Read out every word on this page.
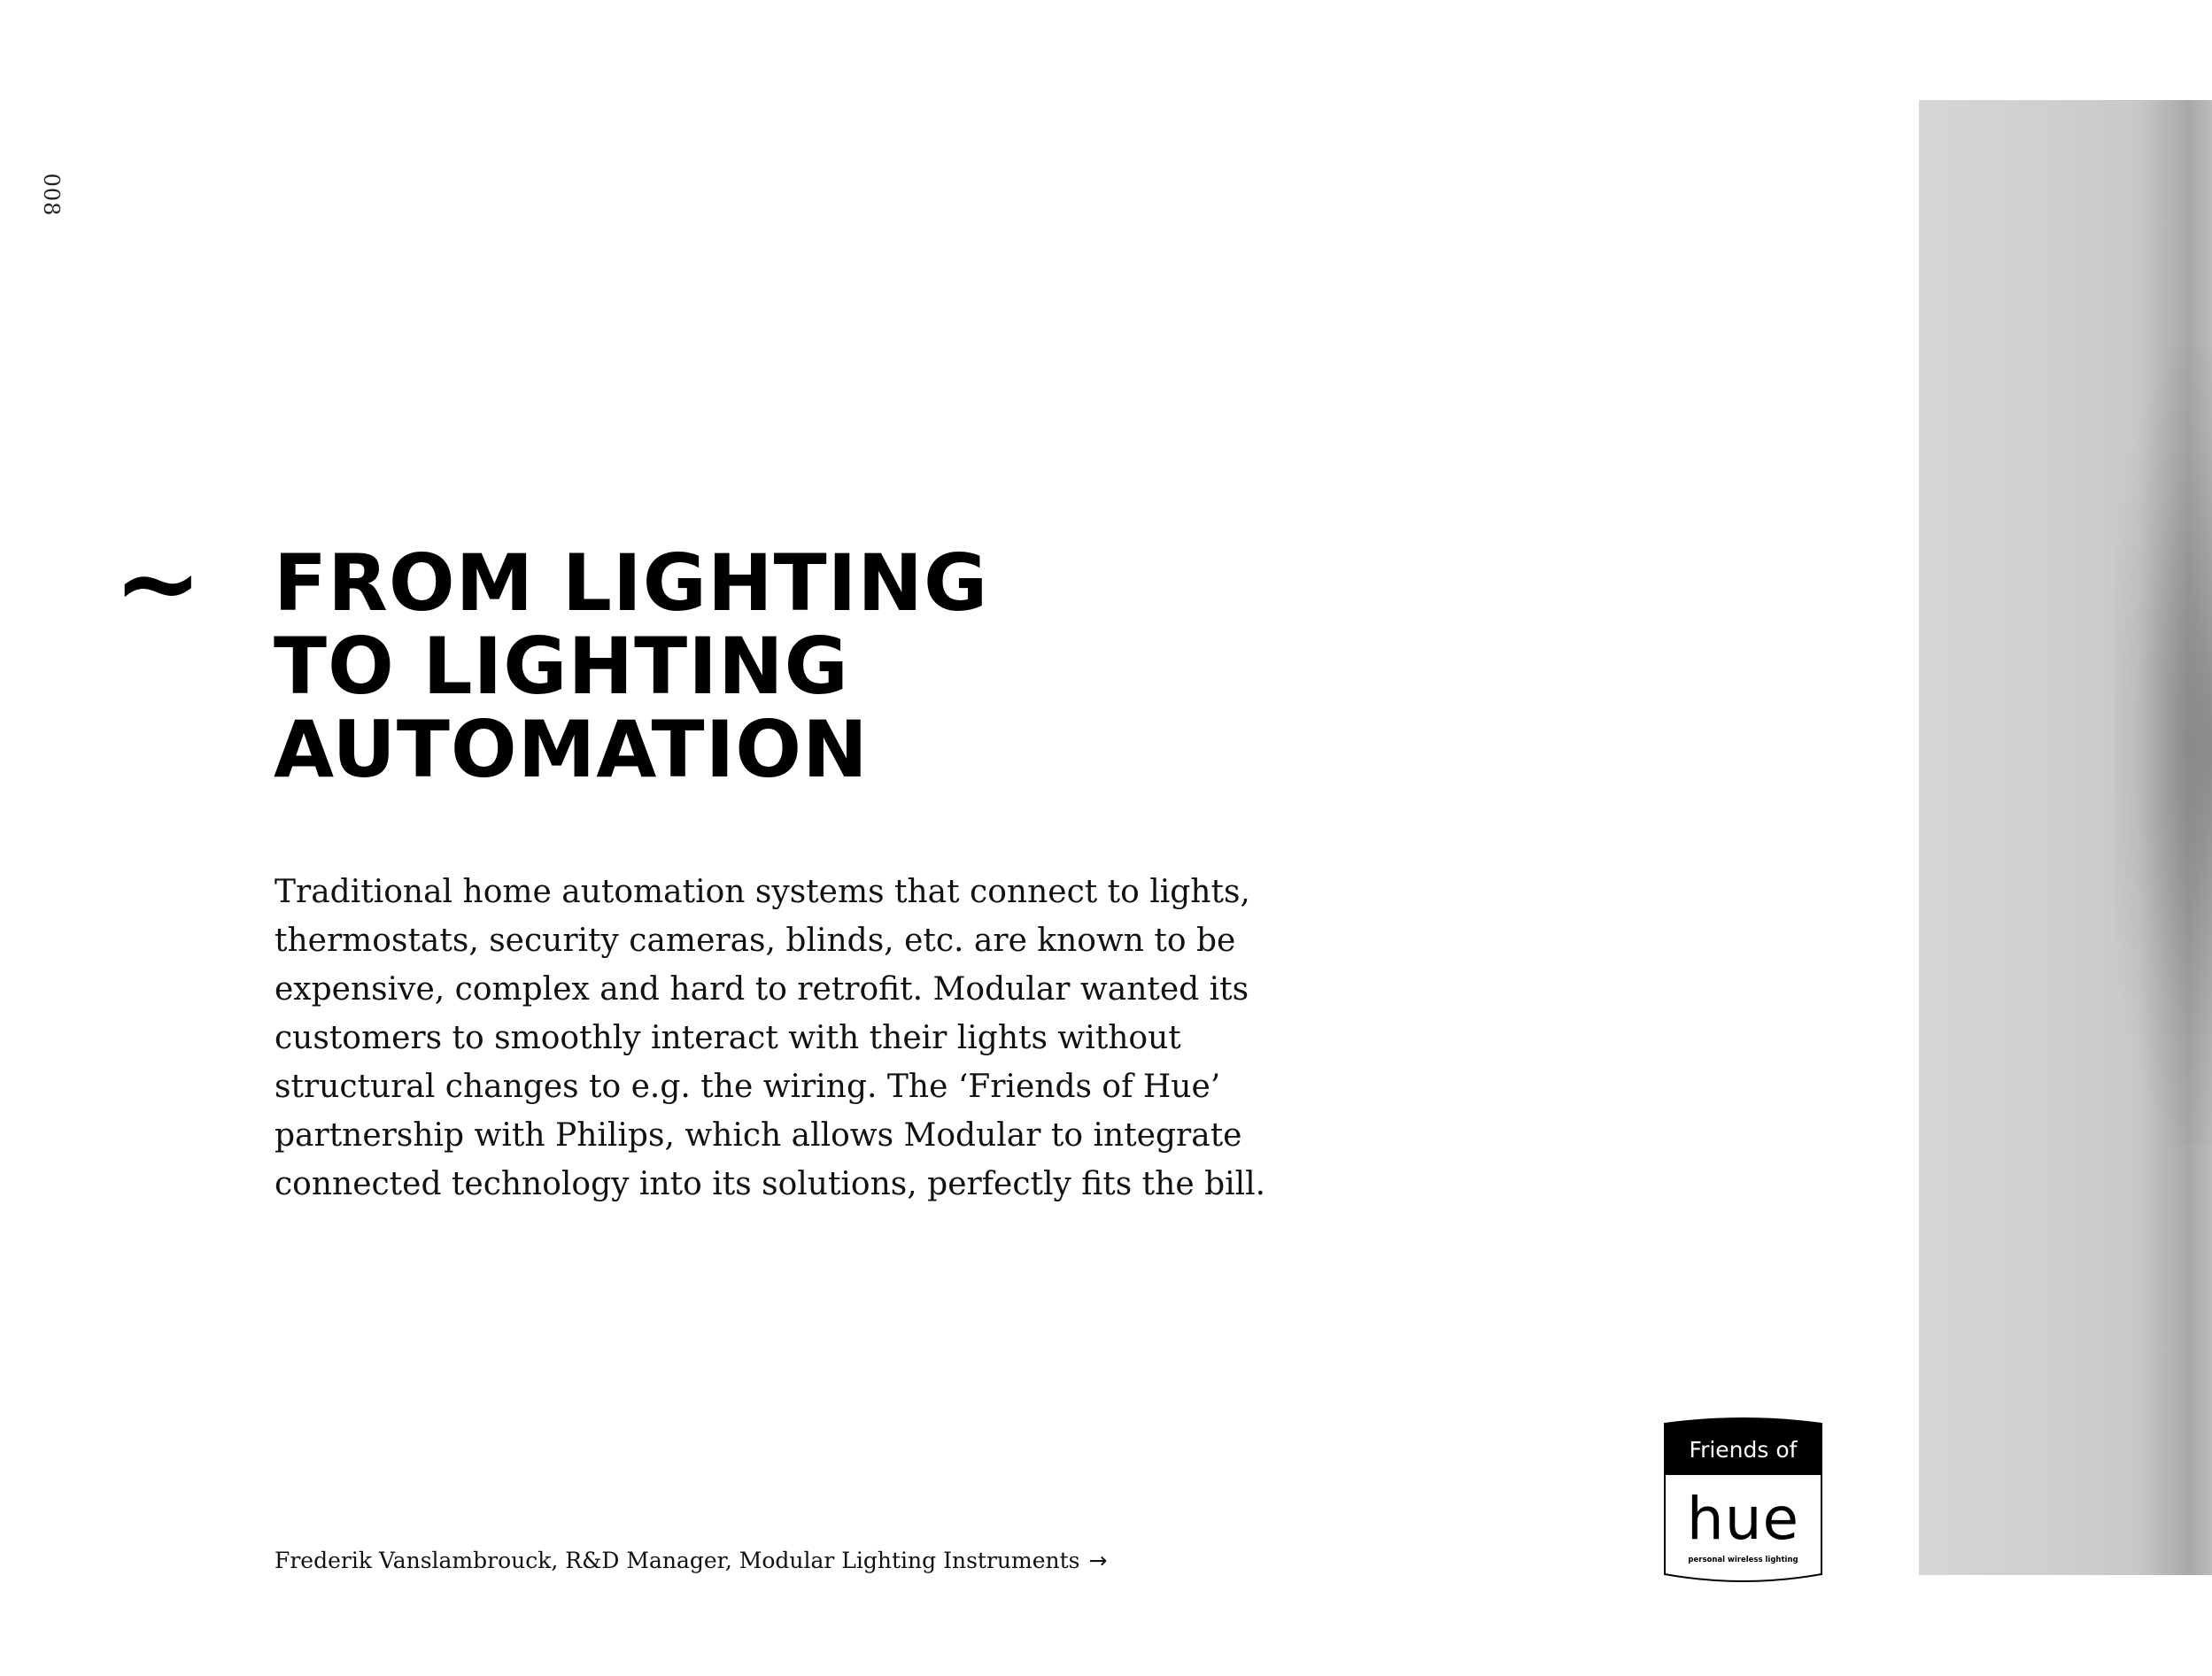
008
~ FROM LIGHTING
TO LIGHTING
AUTOMATION

Traditional home automation systems that connect to lights, thermostats, security cameras, blinds, etc. are known to be expensive, complex and hard to retrofit. Modular wanted its customers to smoothly interact with their lights without structural changes to e.g. the wiring. The ‘Friends of Hue’ partnership with Philips, which allows Modular to integrate connected technology into its solutions, perfectly fits the bill.

Frederik Vanslambrouck, R&D Manager, Modular Lighting Instruments →
Friends of
hue
personal wireless lighting
